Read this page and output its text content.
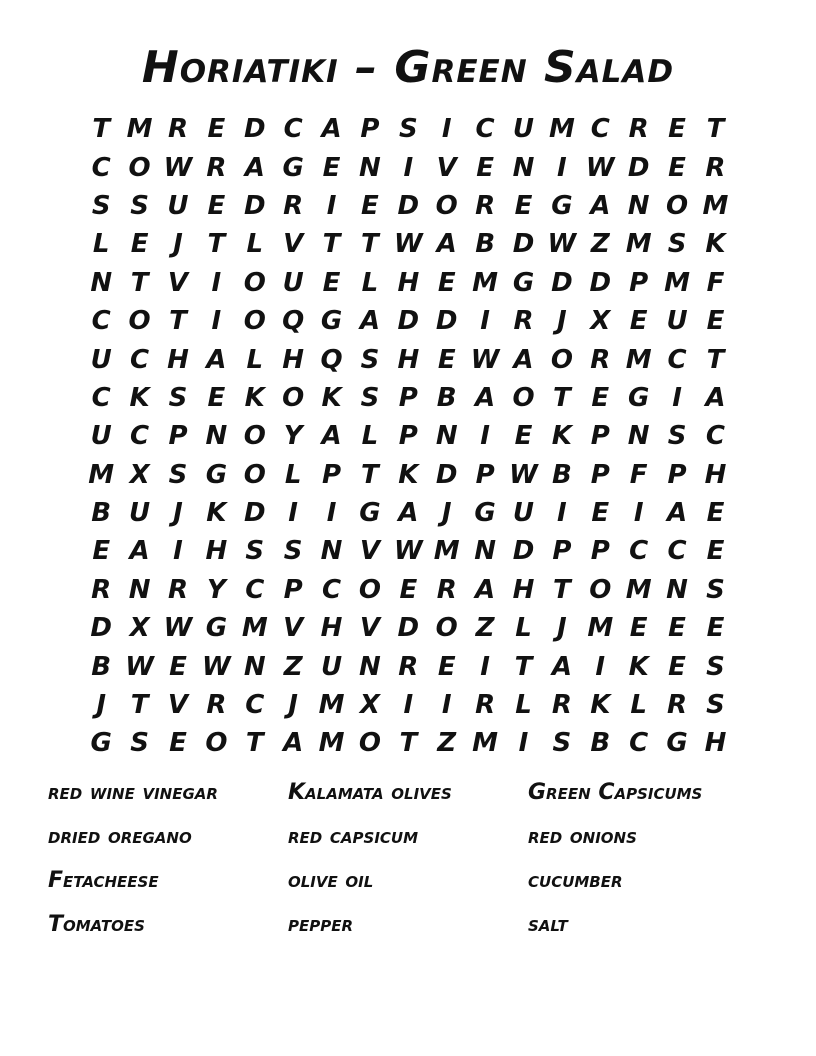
Horiatiki – Green Salad
T M R E D C A P S I C U M C R E T
C O W R A G E N I V E N I W D E R
S S U E D R I E D O R E G A N O M
L E J T L V T T W A B D W Z M S K
N T V I O U E L H E M G D D P M F
C O T I O Q G A D D I R J X E U E
U C H A L H Q S H E W A O R M C T
C K S E K O K S P B A O T E G I A
U C P N O Y A L P N I E K P N S C
M X S G O L P T K D P W B P F P H
B U J K D I	I G A J G U I E I A E
E A I H S S N V W M N D P P C C E
R N R Y C P C O E R A H T O M N S
D X W G M V H V D O Z L J M E E E
B W E W N Z U N R E I T A I K E S
J T V R C J M X I	I R L R K L R S
G S E O T A M O T Z M I S B C G H
red wine vinegar	Kalamata olives	Green Capsicums
dried oregano	red capsicum	red onions
Fetacheese	olive oil	cucumber
Tomatoes	pepper	salt
